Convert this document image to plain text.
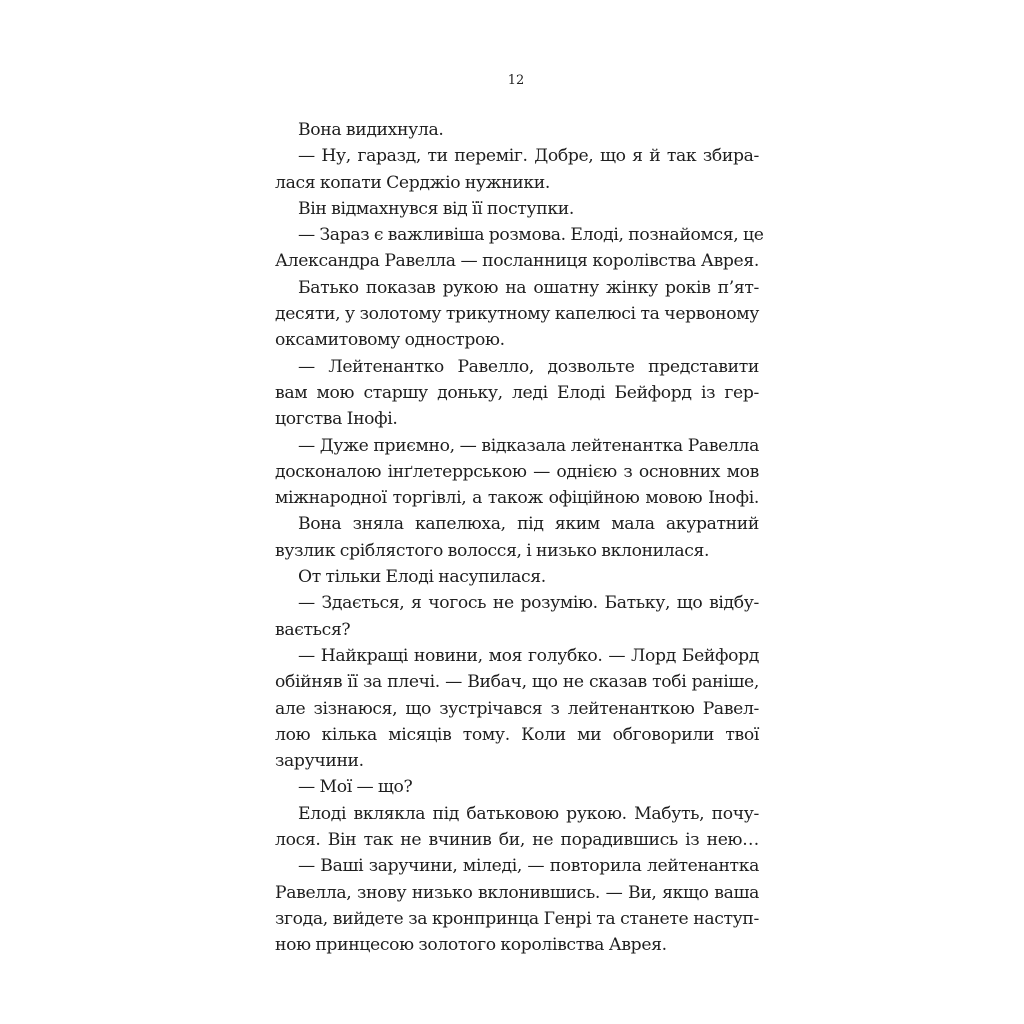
12
Вона видихнула.
— Ну, гаразд, ти переміг. Добре, що я й так збира-
лася копати Серджіо нужники.
Він відмахнувся від її поступки.
— Зараз є важливіша розмова. Елоді, познайомся, це
Александра Равелла — посланниця королівства Аврея.
Батько показав рукою на ошатну жінку років п’ят-
десяти, у золотому трикутному капелюсі та червоному
оксамитовому однострою.
— Лейтенантко Равелло, дозвольте представити
вам мою старшу доньку, леді Елоді Бейфорд із гер-
цогства Інофі.
— Дуже приємно, — відказала лейтенантка Равелла
досконалою інґлетеррською — однією з основних мов
міжнародної торгівлі, а також офіційною мовою Інофі.
Вона зняла капелюха, під яким мала акуратний
вузлик сріблястого волосся, і низько вклонилася.
От тільки Елоді насупилася.
— Здається, я чогось не розумію. Батьку, що відбу-
вається?
— Найкращі новини, моя голубко. — Лорд Бейфорд
обійняв її за плечі. — Вибач, що не сказав тобі раніше,
але зізнаюся, що зустрічався з лейтенанткою Равел-
лою кілька місяців тому. Коли ми обговорили твої
заручини.
— Мої — що?
Елоді вклякла під батьковою рукою. Мабуть, почу-
лося. Він так не вчинив би, не порадившись із нею…
— Ваші заручини, міледі, — повторила лейтенантка
Равелла, знову низько вклонившись. — Ви, якщо ваша
згода, вийдете за кронпринца Генрі та станете наступ-
ною принцесою золотого королівства Аврея.
